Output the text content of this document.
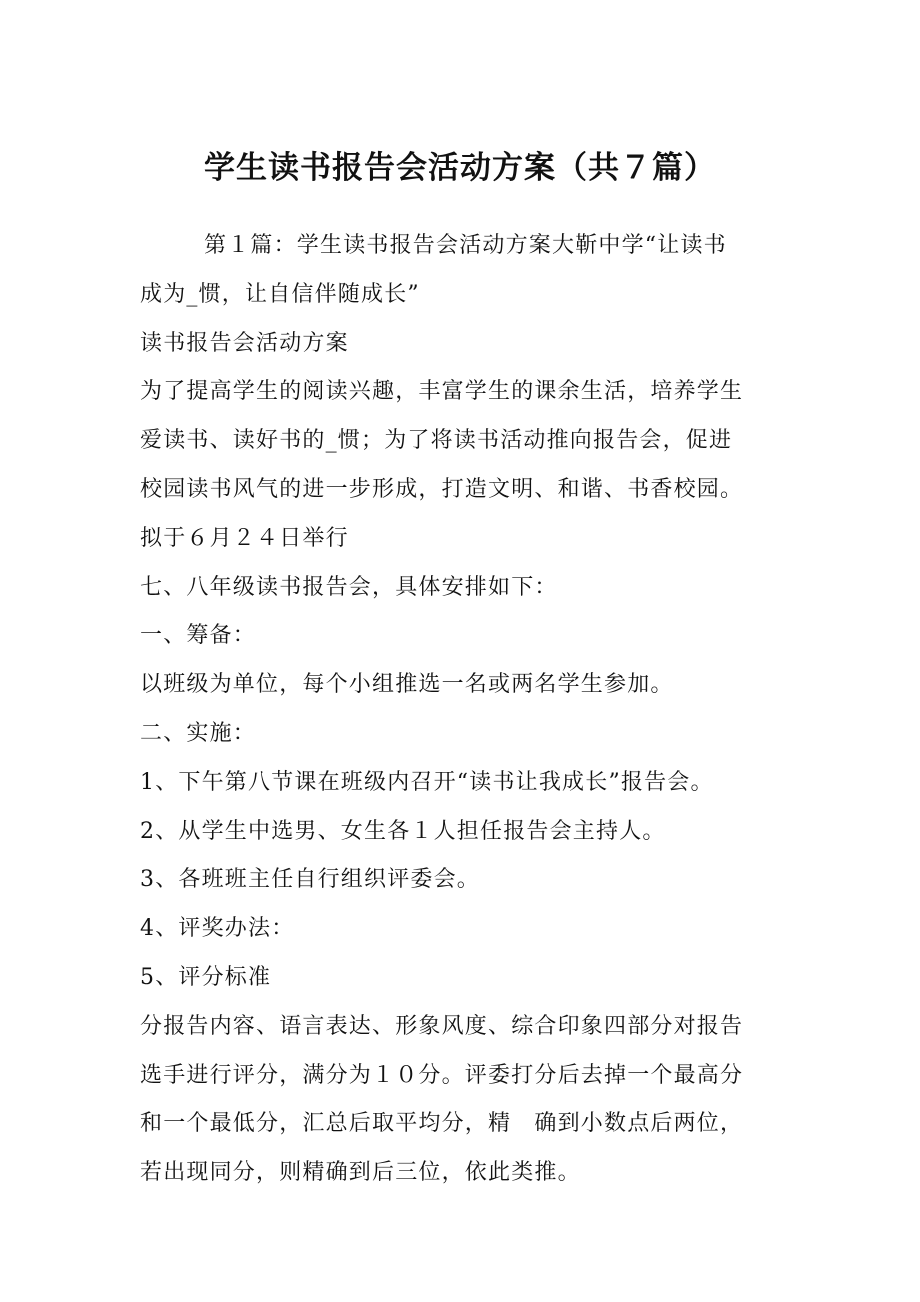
学生读书报告会活动方案（共７篇）

第１篇：学生读书报告会活动方案大靳中学“让读书

成为_惯，让自信伴随成长”

读书报告会活动方案

为了提高学生的阅读兴趣，丰富学生的课余生活，培养学生

爱读书、读好书的_惯；为了将读书活动推向报告会，促进

校园读书风气的进一步形成，打造文明、和谐、书香校园。

拟于６月２４日举行

七、八年级读书报告会，具体安排如下：

一、筹备：

以班级为单位，每个小组推选一名或两名学生参加。

二、实施：

1、下午第八节课在班级内召开“读书让我成长”报告会。

2、从学生中选男、女生各１人担任报告会主持人。

3、各班班主任自行组织评委会。

4、评奖办法：

5、评分标准

分报告内容、语言表达、形象风度、综合印象四部分对报告

选手进行评分，满分为１０分。评委打分后去掉一个最高分

和一个最低分，汇总后取平均分，精　确到小数点后两位，

若出现同分，则精确到后三位，依此类推。
